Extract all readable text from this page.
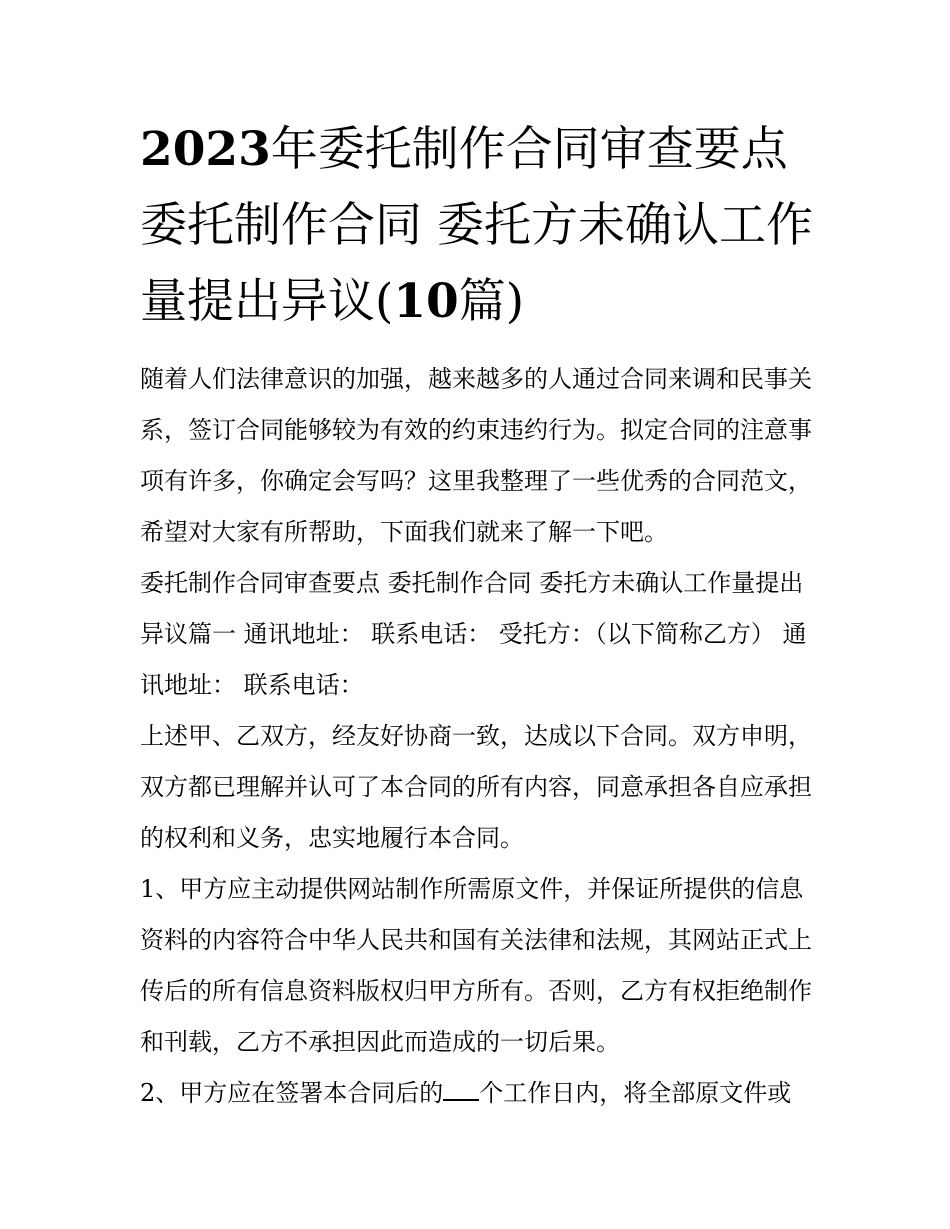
2023年委托制作合同审查要点委托制作合同 委托方未确认工作量提出异议(10篇)

随着人们法律意识的加强，越来越多的人通过合同来调和民事关系，签订合同能够较为有效的约束违约行为。拟定合同的注意事项有许多，你确定会写吗？这里我整理了一些优秀的合同范文，希望对大家有所帮助，下面我们就来了解一下吧。

委托制作合同审查要点 委托制作合同 委托方未确认工作量提出异议篇一 通讯地址： 联系电话： 受托方：（以下简称乙方） 通讯地址： 联系电话：

上述甲、乙双方，经友好协商一致，达成以下合同。双方申明，双方都已理解并认可了本合同的所有内容，同意承担各自应承担的权利和义务，忠实地履行本合同。

1、甲方应主动提供网站制作所需原文件，并保证所提供的信息资料的内容符合中华人民共和国有关法律和法规，其网站正式上传后的所有信息资料版权归甲方所有。否则，乙方有权拒绝制作和刊载，乙方不承担因此而造成的一切后果。

2、甲方应在签署本合同后的 个工作日内，将全部原文件或
